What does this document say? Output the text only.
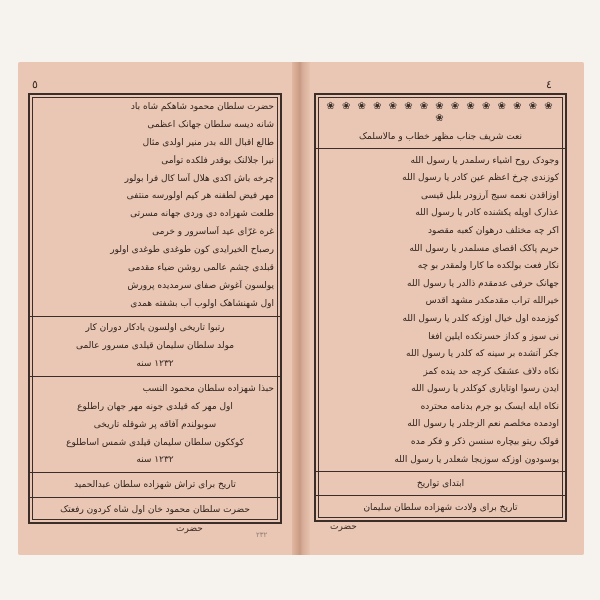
٥	٤
حضرت سلطان محمود شاهکم شاه باد
شانه دیسه سلطان جهانک اعظمی
طالع اقبال الله بدر منیر اولدی مثال
نیرا جلالنک بوقدر فلکده توأمی
چرخه باش اکدی هلال آسا کال فرا بولور
مهر فیض لطفنه هر کیم اولورسه منتفی
طلعت شهزاده دی وردی جهانه مسرتی
غره غرّای عید آساسرور و خرمی
رصباح الخیرایدی کون طوغدی طوغدی اولور
قبلدی چشم عالمی روشن ضیاء مقدمی
یولسون آغوش صفای سرمدیده پرورش
اول شهنشاهک اولوب آب بشفته همدی
رتبوا تاریخی اولسون یادکار دوران کار
مولد سلطان سلیمان قیلدی مسرور عالمی
١٢٣٢ سنه
حبذا شهزاده سلطان محمود النسب
اول مهر که قیلدی جونه مهر جهان راطلوع
سوبولندم آفاقه پر شوقله تاریخی
کوککون سلطان سلیمان قیلدی شمس اساطلوع
١٢٣٢ سنه
تاریخ برای تراش شهزاده سلطان عبدالحمید
حضرت سلطان محمود خان اول شاه کردون رفعتک
❀ ❀ ❀ ❀ ❀ ❀ ❀ ❀ ❀ ❀ ❀ ❀ ❀ ❀ ❀ ❀
نعت شریف جناب مظهر خطاب و مالاسلمک
وجودک روح اشیاء رسلمدر یا رسول الله
کوزندی چرخ اعظم عین کادر یا رسول الله
اوزاقدن نعمه سیج آرزودر بلبل قیسی
عذارک اوپله یکشنده کادر یا رسول الله
اکر چه مختلف درهوان کعبه مقصود
حریم پاکک اقصای مسلمدر یا رسول الله
نکار فعت بولکده ما کارا ولمقدر بو چه
جهانک حرفی عدمقدم ذالدر یا رسول الله
خیرالله تراب مقدمکدر مشهد اقدس
کوزمده اول خیال اوزکه کلدر یا رسول الله
نی سوز و کداز حسرتکده ایلین افغا
جکر آتشده بر سینه که کلدر یا رسول الله
نکاه دلاف عشقک کرچه حد ینده کمز
ایدن رسوا اوتایاری کوکلدر یا رسول الله
نکاه ایله ایسک بو جرم بدنامه محترده
اودمده مخلصم نعم الزجلدر یا رسول الله
قولک ریتو بیچاره سنسن ذکر و فکر مده
یوسودون اوزکه سوزیجا شعلدر یا رسول الله
ابتدای تواریخ
تاریخ برای ولادت شهزاده سلطان سلیمان
حضرت	حضرت
٢٣٢
